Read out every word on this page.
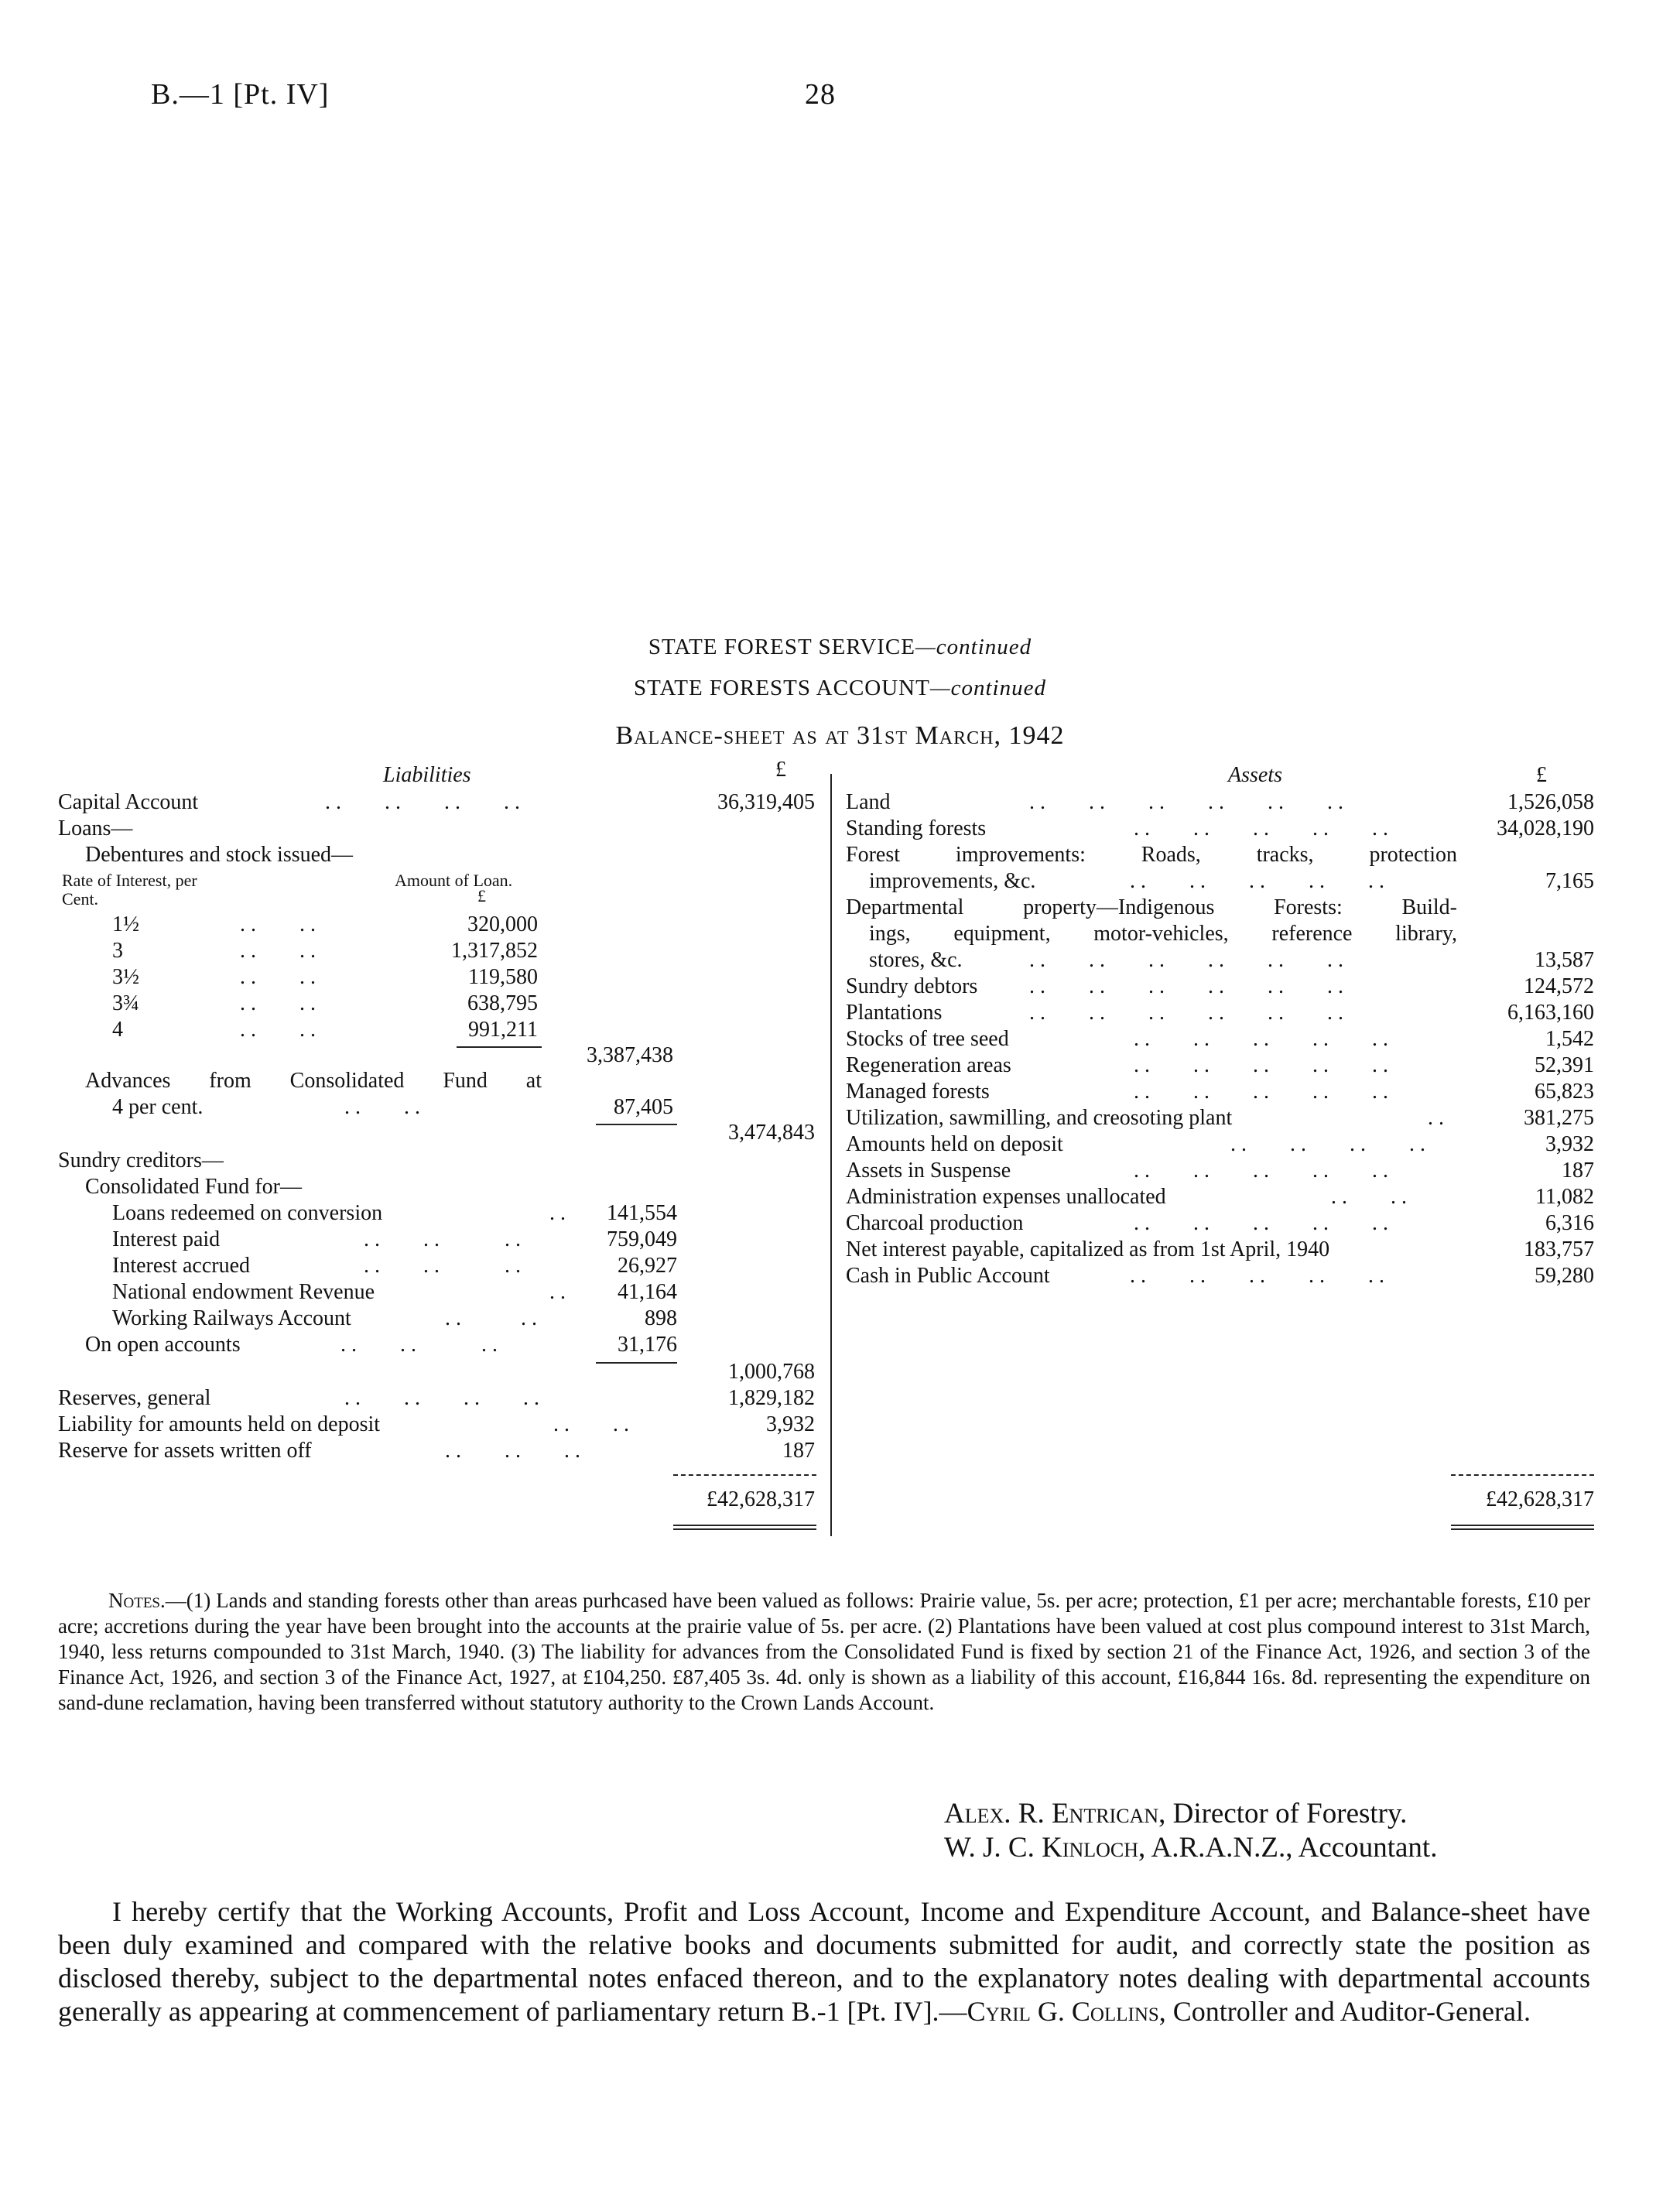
B.—1 [Pt. IV]	28
STATE FOREST SERVICE—continued
STATE FORESTS ACCOUNT—continued
Balance-sheet as at 31st March, 1942
Liabilities	£
Capital Account	. .        . .        . .        . .	36,319,405
Loans—
Debentures and stock issued—
Rate of Interest, per Cent.
Amount of Loan.
£
1½	. .        . .	320,000
3	. .        . .	1,317,852
3½	. .        . .	119,580
3¾	. .        . .	638,795
4	. .        . .	991,211
3,387,438
Advances from Consolidated Fund at
4 per cent.	. .        . .	87,405
3,474,843
Sundry creditors—
Consolidated Fund for—
Loans redeemed on conversion	. .	141,554
Interest paid	. .        . .            . .	759,049
Interest accrued	. .        . .            . .	26,927
National endowment Revenue	. .	41,164
Working Railways Account	. .           . .	898
On open accounts	. .        . .            . .	31,176
1,000,768
Reserves, general	. .        . .        . .        . .	1,829,182
Liability for amounts held on deposit	. .        . .	3,932
Reserve for assets written off	. .        . .        . .	187
£42,628,317
Assets	£
Land	. .        . .        . .        . .        . .        . .	1,526,058
Standing forests	. .        . .        . .        . .        . .	34,028,190
Forest improvements: Roads, tracks, protection
improvements, &c.	. .        . .        . .        . .        . .	7,165
Departmental property—Indigenous Forests: Build-
ings, equipment, motor-vehicles, reference library,
stores, &c.	. .        . .        . .        . .        . .        . .	13,587
Sundry debtors . .        . .        . .        . .        . .        . .	124,572
Plantations	. .        . .        . .        . .        . .        . .	6,163,160
Stocks of tree seed	. .        . .        . .        . .        . .	1,542
Regeneration areas	. .        . .        . .        . .        . .	52,391
Managed forests	. .        . .        . .        . .        . .	65,823
Utilization, sawmilling, and creosoting plant	. .	381,275
Amounts held on deposit	. .        . .        . .        . .	3,932
Assets in Suspense	. .        . .        . .        . .        . .	187
Administration expenses unallocated	. .        . .	11,082
Charcoal production	. .        . .        . .        . .        . .	6,316
Net interest payable, capitalized as from 1st April, 1940	183,757
Cash in Public Account	. .        . .        . .        . .        . .	59,280
£42,628,317
Notes.—(1) Lands and standing forests other than areas purhcased have been valued as follows: Prairie value, 5s. per acre; protection, £1 per acre; merchantable forests, £10 per acre; accretions during the year have been brought into the accounts at the prairie value of 5s. per acre. (2) Plantations have been valued at cost plus compound interest to 31st March, 1940, less returns compounded to 31st March, 1940. (3) The liability for advances from the Consolidated Fund is fixed by section 21 of the Finance Act, 1926, and section 3 of the Finance Act, 1926, and section 3 of the Finance Act, 1927, at £104,250. £87,405 3s. 4d. only is shown as a liability of this account, £16,844 16s. 8d. representing the expenditure on sand-dune reclamation, having been transferred without statutory authority to the Crown Lands Account.
Alex. R. Entrican, Director of Forestry.
W. J. C. Kinloch, A.R.A.N.Z., Accountant.
I hereby certify that the Working Accounts, Profit and Loss Account, Income and Expenditure Account, and Balance-sheet have been duly examined and compared with the relative books and documents submitted for audit, and correctly state the position as disclosed thereby, subject to the departmental notes enfaced thereon, and to the explanatory notes dealing with departmental accounts generally as appearing at commencement of parliamentary return B.-1 [Pt. IV].—Cyril G. Collins, Controller and Auditor-General.
